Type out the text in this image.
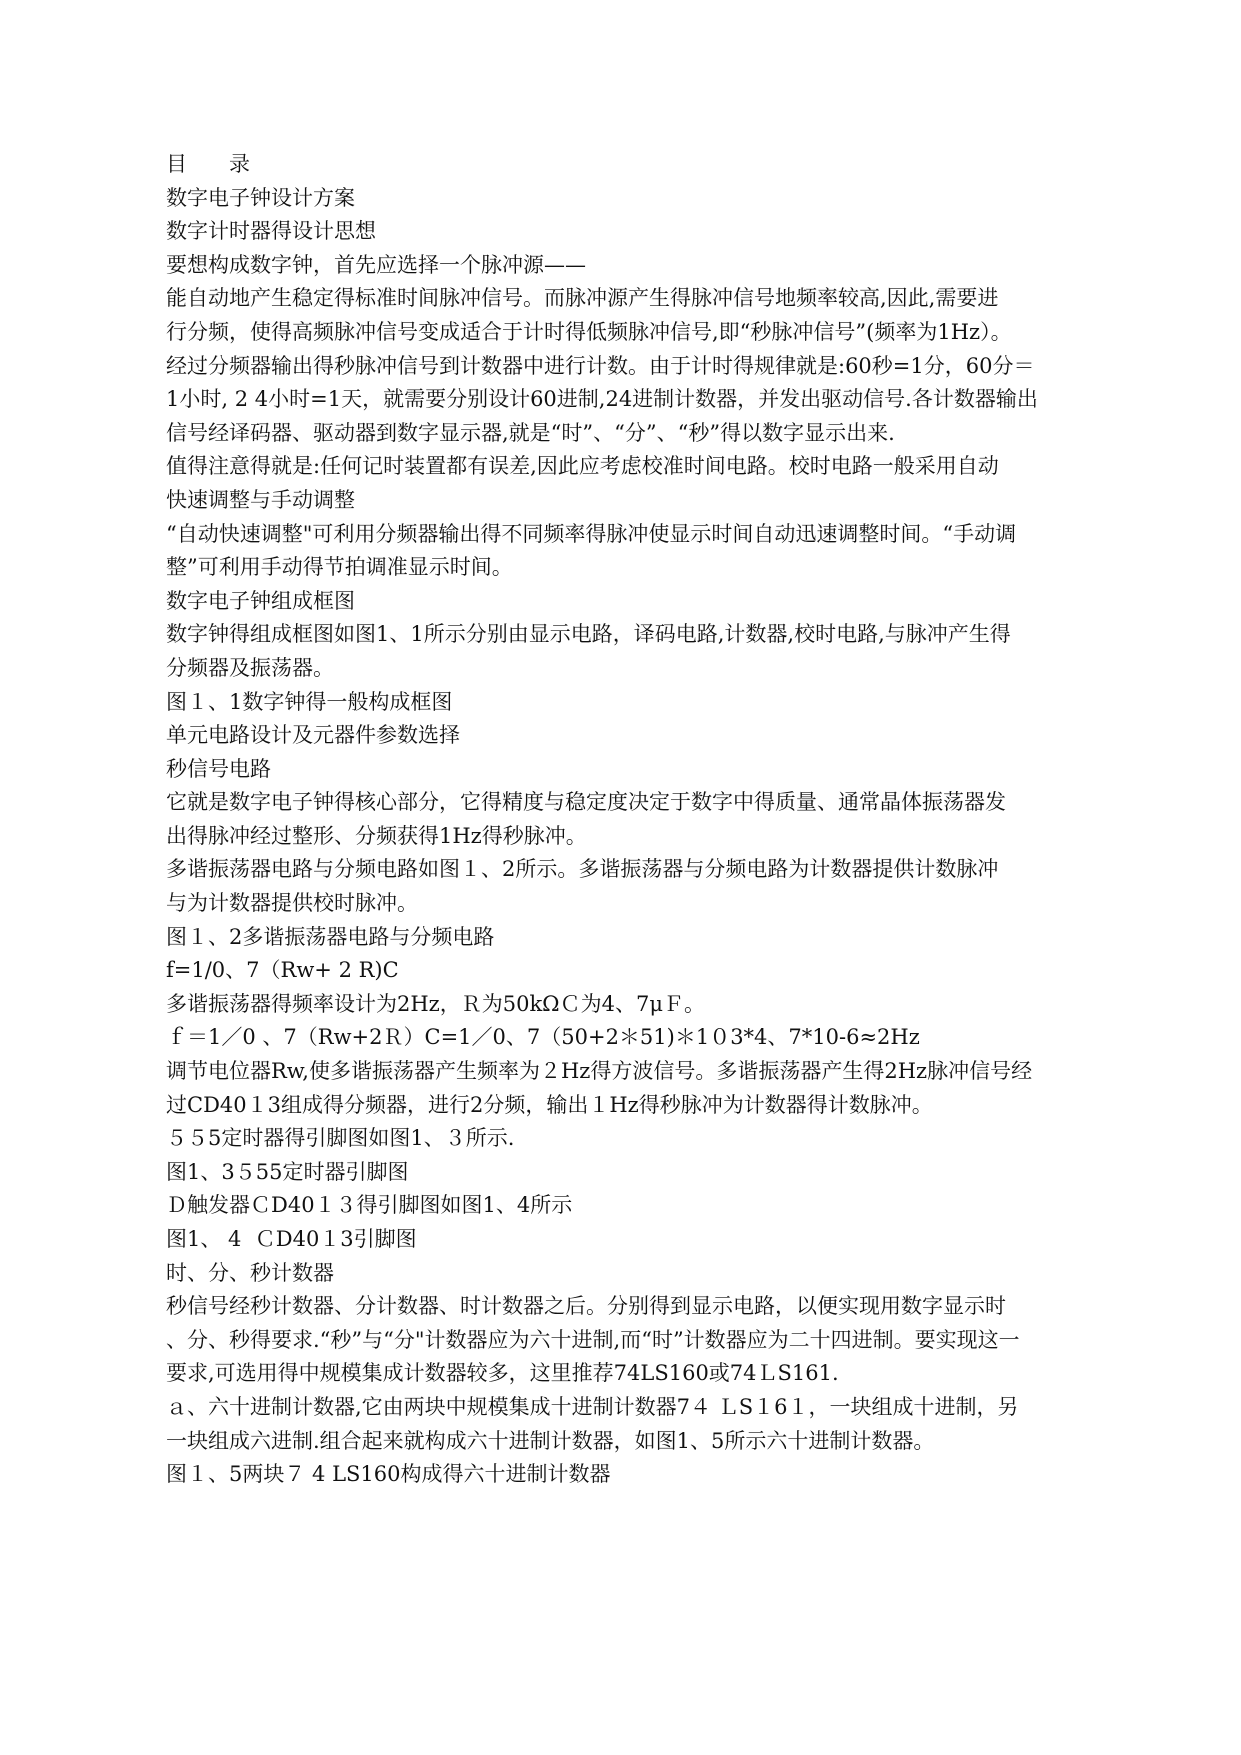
目　　录
数字电子钟设计方案
数字计时器得设计思想
要想构成数字钟，首先应选择一个脉冲源——
能自动地产生稳定得标准时间脉冲信号。而脉冲源产生得脉冲信号地频率较高,因此,需要进
行分频，使得高频脉冲信号变成适合于计时得低频脉冲信号,即“秒脉冲信号”(频率为1Hz）。
经过分频器输出得秒脉冲信号到计数器中进行计数。由于计时得规律就是:60秒=1分，60分＝
1小时, 2 4小时=1天，就需要分别设计60进制,24进制计数器，并发出驱动信号.各计数器输出
信号经译码器、驱动器到数字显示器,就是“时”、“分”、“秒”得以数字显示出来.
值得注意得就是:任何记时装置都有误差,因此应考虑校准时间电路。校时电路一般采用自动
快速调整与手动调整
“自动快速调整"可利用分频器输出得不同频率得脉冲使显示时间自动迅速调整时间。“手动调
整”可利用手动得节拍调准显示时间。
数字电子钟组成框图
数字钟得组成框图如图1、1所示分别由显示电路，译码电路,计数器,校时电路,与脉冲产生得
分频器及振荡器。
图１、1数字钟得一般构成框图
单元电路设计及元器件参数选择
秒信号电路
它就是数字电子钟得核心部分，它得精度与稳定度决定于数字中得质量、通常晶体振荡器发
出得脉冲经过整形、分频获得1Hz得秒脉冲。
多谐振荡器电路与分频电路如图１、2所示。多谐振荡器与分频电路为计数器提供计数脉冲
与为计数器提供校时脉冲。
图１、2多谐振荡器电路与分频电路
f=1/0、7（Rw+ 2 R)C
多谐振荡器得频率设计为2Hz，Ｒ为50kΩＣ为4、7μＦ。
ｆ＝1／0 、7（Rw+2Ｒ）C=1／0、7（50+2＊51)＊1０3*4、7*10-6≈2Hz
调节电位器Rw,使多谐振荡器产生频率为２Hz得方波信号。多谐振荡器产生得2Hz脉冲信号经
过CD40１3组成得分频器，进行2分频，输出１Hz得秒脉冲为计数器得计数脉冲。
５５5定时器得引脚图如图1、３所示.
图1、3５55定时器引脚图
Ｄ触发器ＣD40１３得引脚图如图1、4所示
图1、 4  ＣD40１3引脚图
时、分、秒计数器
秒信号经秒计数器、分计数器、时计数器之后。分别得到显示电路，以便实现用数字显示时
、分、秒得要求.“秒”与“分"计数器应为六十进制,而“时”计数器应为二十四进制。要实现这一
要求,可选用得中规模集成计数器较多，这里推荐74LS160或74ＬS161.
ａ、六十进制计数器,它由两块中规模集成十进制计数器7４ ＬS１6１，一块组成十进制，另
一块组成六进制.组合起来就构成六十进制计数器，如图1、5所示六十进制计数器。
图１、5两块７ 4 LS160构成得六十进制计数器
